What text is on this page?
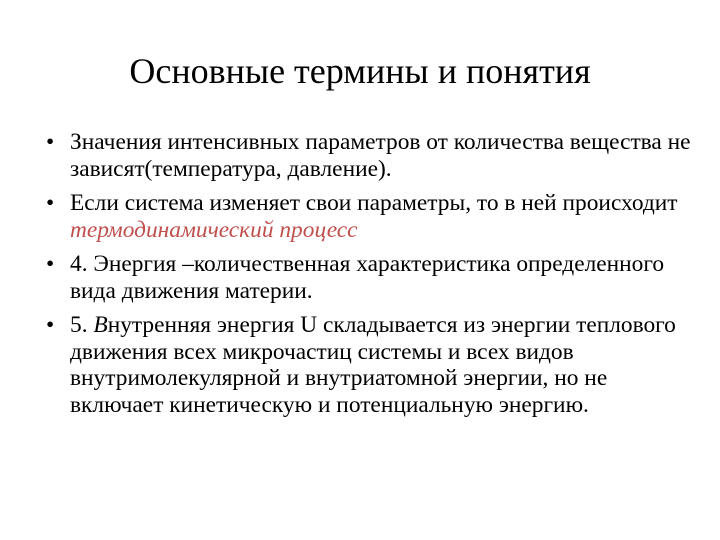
Основные термины и понятия
• Значения интенсивных параметров от количества вещества не зависят(температура, давление).
• Если система изменяет свои параметры, то в ней происходит   термодинамический процесс
• 4. Энергия –количественная характеристика определенного вида движения материи.
• 5. Внутренняя энергия U складывается из энергии теплового движения всех микрочастиц системы и всех видов внутримолекулярной и внутриатомной энергии, но не включает кинетическую и потенциальную энергию.
